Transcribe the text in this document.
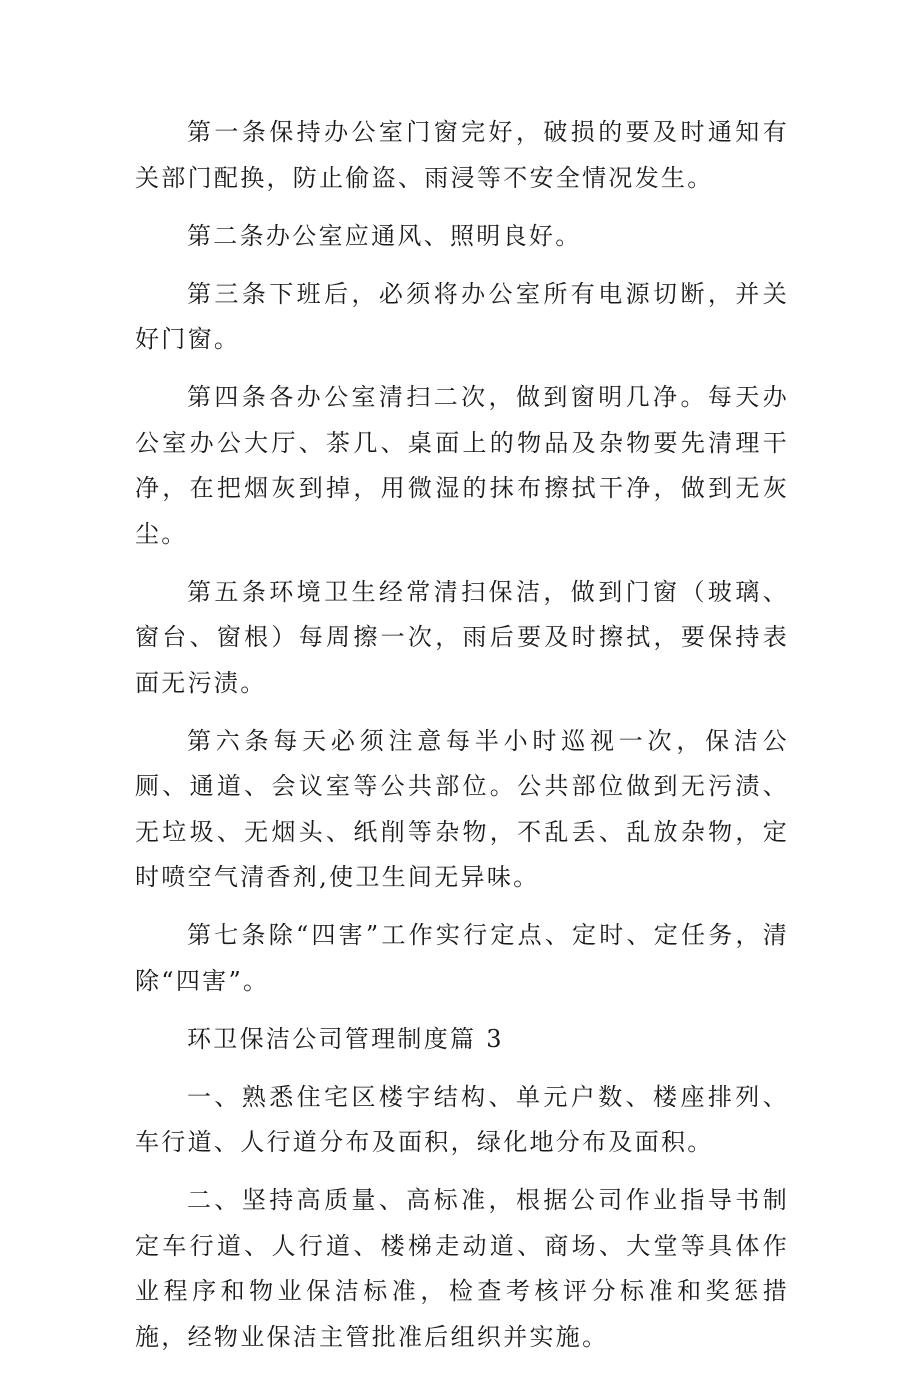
第一条保持办公室门窗完好，破损的要及时通知有关部门配换，防止偷盗、雨浸等不安全情况发生。

第二条办公室应通风、照明良好。

第三条下班后，必须将办公室所有电源切断，并关好门窗。

第四条各办公室清扫二次，做到窗明几净。每天办公室办公大厅、茶几、桌面上的物品及杂物要先清理干净，在把烟灰到掉，用微湿的抹布擦拭干净，做到无灰尘。

第五条环境卫生经常清扫保洁，做到门窗（玻璃、窗台、窗根）每周擦一次，雨后要及时擦拭，要保持表面无污渍。

第六条每天必须注意每半小时巡视一次，保洁公厕、通道、会议室等公共部位。公共部位做到无污渍、无垃圾、无烟头、纸削等杂物，不乱丢、乱放杂物，定时喷空气清香剂,使卫生间无异味。

第七条除“四害”工作实行定点、定时、定任务，清除“四害”。

环卫保洁公司管理制度篇 3

一、熟悉住宅区楼宇结构、单元户数、楼座排列、车行道、人行道分布及面积，绿化地分布及面积。

二、坚持高质量、高标准，根据公司作业指导书制定车行道、人行道、楼梯走动道、商场、大堂等具体作业程序和物业保洁标准，检查考核评分标准和奖惩措施，经物业保洁主管批准后组织并实施。
